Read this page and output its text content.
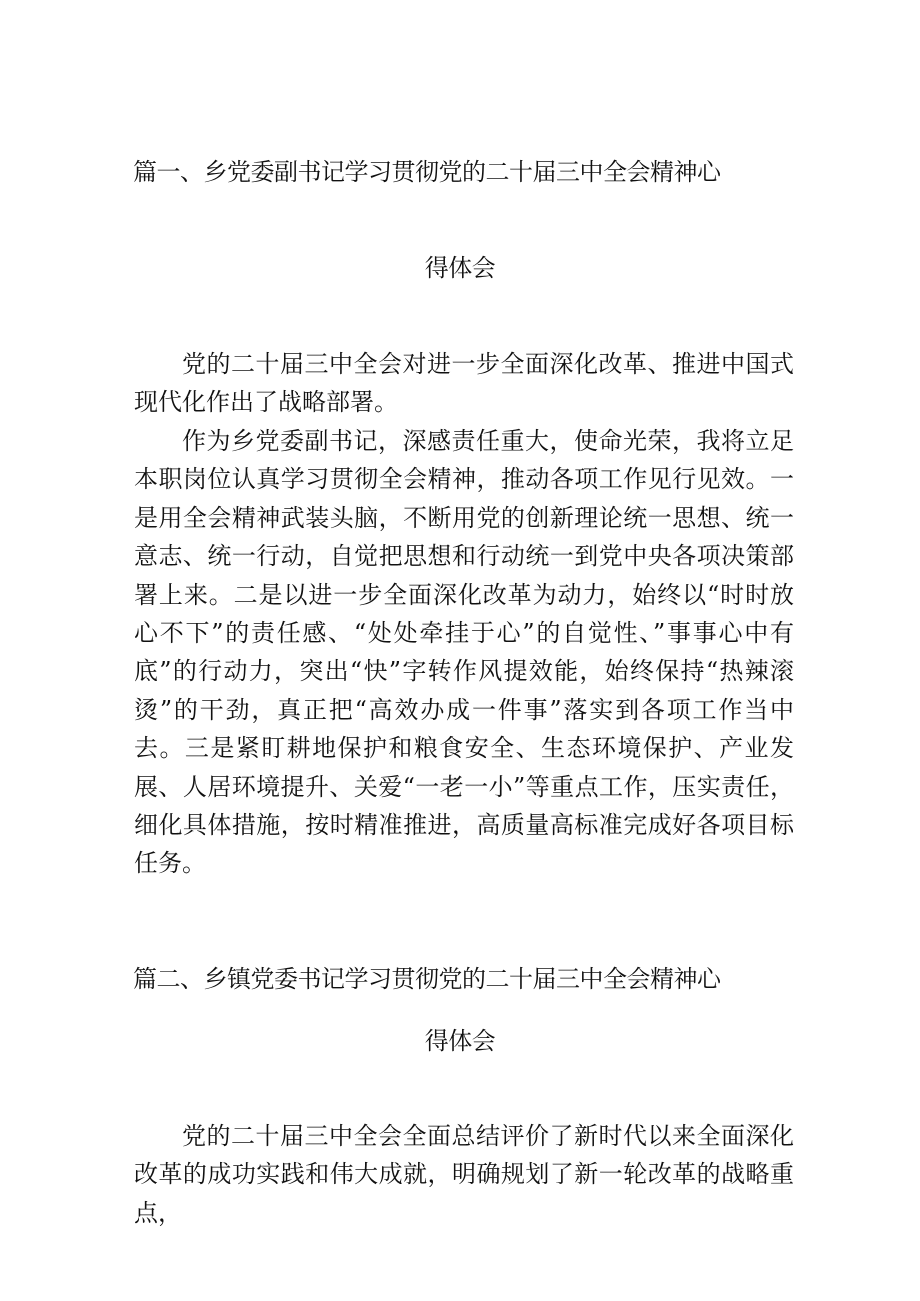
篇一、乡党委副书记学习贯彻党的二十届三中全会精神心
得体会

党的二十届三中全会对进一步全面深化改革、推进中国式现代化作出了战略部署。

作为乡党委副书记，深感责任重大，使命光荣，我将立足本职岗位认真学习贯彻全会精神，推动各项工作见行见效。一是用全会精神武装头脑，不断用党的创新理论统一思想、统一意志、统一行动，自觉把思想和行动统一到党中央各项决策部署上来。二是以进一步全面深化改革为动力，始终以“时时放心不下”的责任感、“处处牵挂于心”的自觉性、”事事心中有底”的行动力，突出“快”字转作风提效能，始终保持“热辣滚烫”的干劲，真正把“高效办成一件事”落实到各项工作当中去。三是紧盯耕地保护和粮食安全、生态环境保护、产业发展、人居环境提升、关爱“一老一小”等重点工作，压实责任，细化具体措施，按时精准推进，高质量高标准完成好各项目标任务。

篇二、乡镇党委书记学习贯彻党的二十届三中全会精神心
得体会

党的二十届三中全会全面总结评价了新时代以来全面深化改革的成功实践和伟大成就，明确规划了新一轮改革的战略重点，
